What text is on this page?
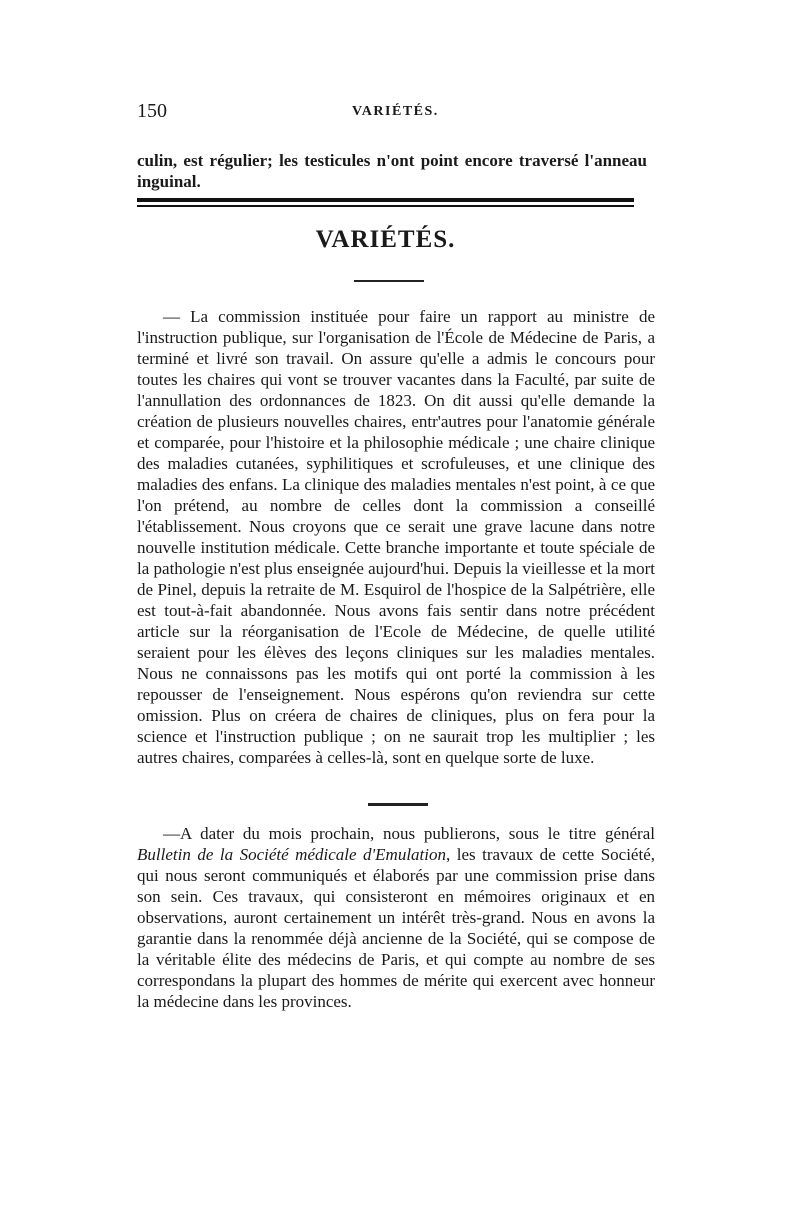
150	VARIÉTÉS.

culin, est régulier; les testicules n'ont point encore traversé l'anneau inguinal.

VARIÉTÉS.

— La commission instituée pour faire un rapport au ministre de l'instruction publique, sur l'organisation de l'École de Médecine de Paris, a terminé et livré son travail. On assure qu'elle a admis le concours pour toutes les chaires qui vont se trouver vacantes dans la Faculté, par suite de l'annullation des ordonnances de 1823. On dit aussi qu'elle demande la création de plusieurs nouvelles chaires, entr'autres pour l'anatomie générale et comparée, pour l'histoire et la philosophie médicale ; une chaire clinique des maladies cutanées, syphilitiques et scrofuleuses, et une clinique des maladies des enfans. La clinique des maladies mentales n'est point, à ce que l'on prétend, au nombre de celles dont la commission a conseillé l'établissement. Nous croyons que ce serait une grave lacune dans notre nouvelle institution médicale. Cette branche importante et toute spéciale de la pathologie n'est plus enseignée aujourd'hui. Depuis la vieillesse et la mort de Pinel, depuis la retraite de M. Esquirol de l'hospice de la Salpétrière, elle est tout-à-fait abandonnée. Nous avons fais sentir dans notre précédent article sur la réorganisation de l'Ecole de Médecine, de quelle utilité seraient pour les élèves des leçons cliniques sur les maladies mentales. Nous ne connaissons pas les motifs qui ont porté la commission à les repousser de l'enseignement. Nous espérons qu'on reviendra sur cette omission. Plus on créera de chaires de cliniques, plus on fera pour la science et l'instruction publique ; on ne saurait trop les multiplier ; les autres chaires, comparées à celles-là, sont en quelque sorte de luxe.

—A dater du mois prochain, nous publierons, sous le titre général Bulletin de la Société médicale d'Emulation, les travaux de cette Société, qui nous seront communiqués et élaborés par une commission prise dans son sein. Ces travaux, qui consisteront en mémoires originaux et en observations, auront certainement un intérêt très-grand. Nous en avons la garantie dans la renommée déjà ancienne de la Société, qui se compose de la véritable élite des médecins de Paris, et qui compte au nombre de ses correspondans la plupart des hommes de mérite qui exercent avec honneur la médecine dans les provinces.
